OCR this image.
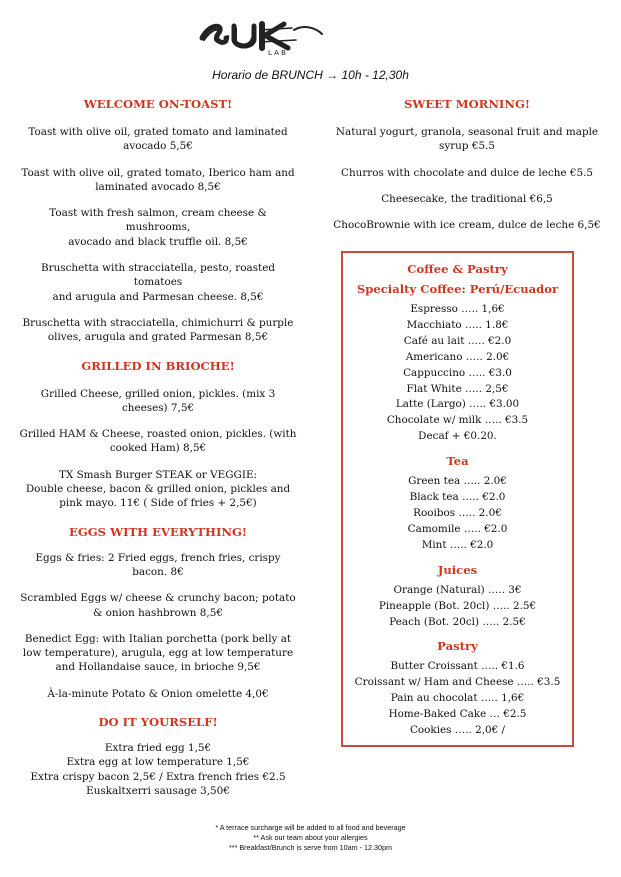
L A B
Horario de BRUNCH → 10h - 12,30h
WELCOME ON-TOAST!
Toast with olive oil, grated tomato and laminated
avocado 5,5€
Toast with olive oil, grated tomato, Iberico ham and
laminated avocado 8,5€
Toast with fresh salmon, cream cheese & mushrooms,
avocado and black truffle oil. 8,5€
Bruschetta with stracciatella, pesto, roasted tomatoes
and arugula and Parmesan cheese. 8,5€
Bruschetta with stracciatella, chimichurri & purple
olives, arugula and grated Parmesan 8,5€
GRILLED IN BRIOCHE!
Grilled Cheese, grilled onion, pickles. (mix 3
cheeses) 7,5€
Grilled HAM & Cheese, roasted onion, pickles. (with
cooked Ham) 8,5€
TX Smash Burger STEAK or VEGGIE:
Double cheese, bacon & grilled onion, pickles and
pink mayo. 11€ ( Side of fries + 2,5€)
EGGS WITH EVERYTHING!
Eggs & fries: 2 Fried eggs, french fries, crispy
bacon. 8€
Scrambled Eggs w/ cheese & crunchy bacon; potato
& onion hashbrown 8,5€
Benedict Egg: with Italian porchetta (pork belly at
low temperature), arugula, egg at low temperature
and Hollandaise sauce, in brioche 9,5€
À-la-minute Potato & Onion omelette 4,0€
DO IT YOURSELF!
Extra fried egg 1,5€
Extra egg at low temperature 1,5€
Extra crispy bacon 2,5€ / Extra french fries €2.5
Euskaltxerri sausage 3,50€
SWEET MORNING!
Natural yogurt, granola, seasonal fruit and maple
syrup €5.5
Churros with chocolate and dulce de leche €5.5
Cheesecake, the traditional €6,5
ChocoBrownie with ice cream, dulce de leche 6,5€
Coffee & Pastry
Specialty Coffee: Perú/Ecuador
Espresso ….. 1,6€
Macchiato ….. 1.8€
Café au lait ….. €2.0
Americano ….. 2.0€
Cappuccino ….. €3.0
Flat White ….. 2,5€
Latte (Largo) ….. €3.00
Chocolate w/ milk ….. €3.5
Decaf + €0.20.
Tea
Green tea ….. 2.0€
Black tea ….. €2.0
Rooibos ….. 2.0€
Camomile ….. €2.0
Mint ….. €2.0
Juices
Orange (Natural) ….. 3€
Pineapple (Bot. 20cl) ….. 2.5€
Peach (Bot. 20cl) ….. 2.5€
Pastry
Butter Croissant ….. €1.6
Croissant w/ Ham and Cheese ….. €3.5
Pain au chocolat ….. 1,6€
Home-Baked Cake … €2.5
Cookies ….. 2,0€ /
* A terrace surcharge will be added to all food and beverage
** Ask our team about your allergies
*** Breakfast/Brunch is serve from 10am - 12.30pm
